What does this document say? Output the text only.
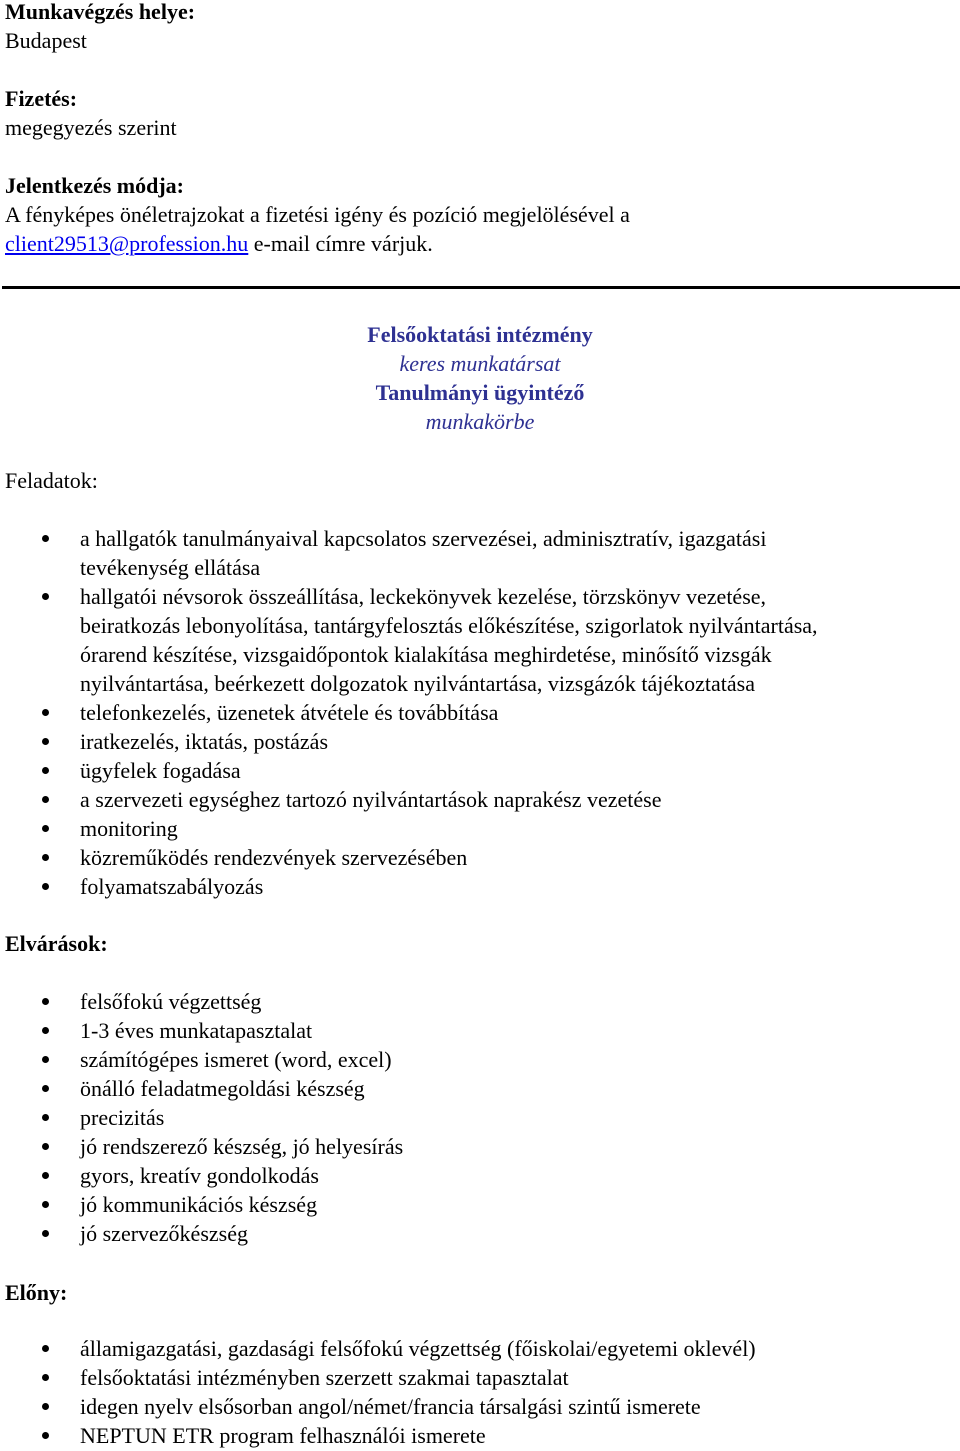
Munkavégzés helye:
Budapest
Fizetés:
megegyezés szerint
Jelentkezés módja:
A fényképes önéletrajzokat a fizetési igény és pozíció megjelölésével a
client29513@profession.hu e-mail címre várjuk.
Felsőoktatási intézmény
keres munkatársat
Tanulmányi ügyintéző
munkakörbe
Feladatok:
a hallgatók tanulmányaival kapcsolatos szervezései, adminisztratív, igazgatási
tevékenység ellátása
hallgatói névsorok összeállítása, leckekönyvek kezelése, törzskönyv vezetése,
beiratkozás lebonyolítása, tantárgyfelosztás előkészítése, szigorlatok nyilvántartása,
órarend készítése, vizsgaidőpontok kialakítása meghirdetése, minősítő vizsgák
nyilvántartása, beérkezett dolgozatok nyilvántartása, vizsgázók tájékoztatása
telefonkezelés, üzenetek átvétele és továbbítása
iratkezelés, iktatás, postázás
ügyfelek fogadása
a szervezeti egységhez tartozó nyilvántartások naprakész vezetése
monitoring
közreműködés rendezvények szervezésében
folyamatszabályozás
Elvárások:
felsőfokú végzettség
1-3 éves munkatapasztalat
számítógépes ismeret (word, excel)
önálló feladatmegoldási készség
precizitás
jó rendszerező készség, jó helyesírás
gyors, kreatív gondolkodás
jó kommunikációs készség
jó szervezőkészség
Előny:
államigazgatási, gazdasági felsőfokú végzettség (főiskolai/egyetemi oklevél)
felsőoktatási intézményben szerzett szakmai tapasztalat
idegen nyelv elsősorban angol/német/francia társalgási szintű ismerete
NEPTUN ETR program felhasználói ismerete
